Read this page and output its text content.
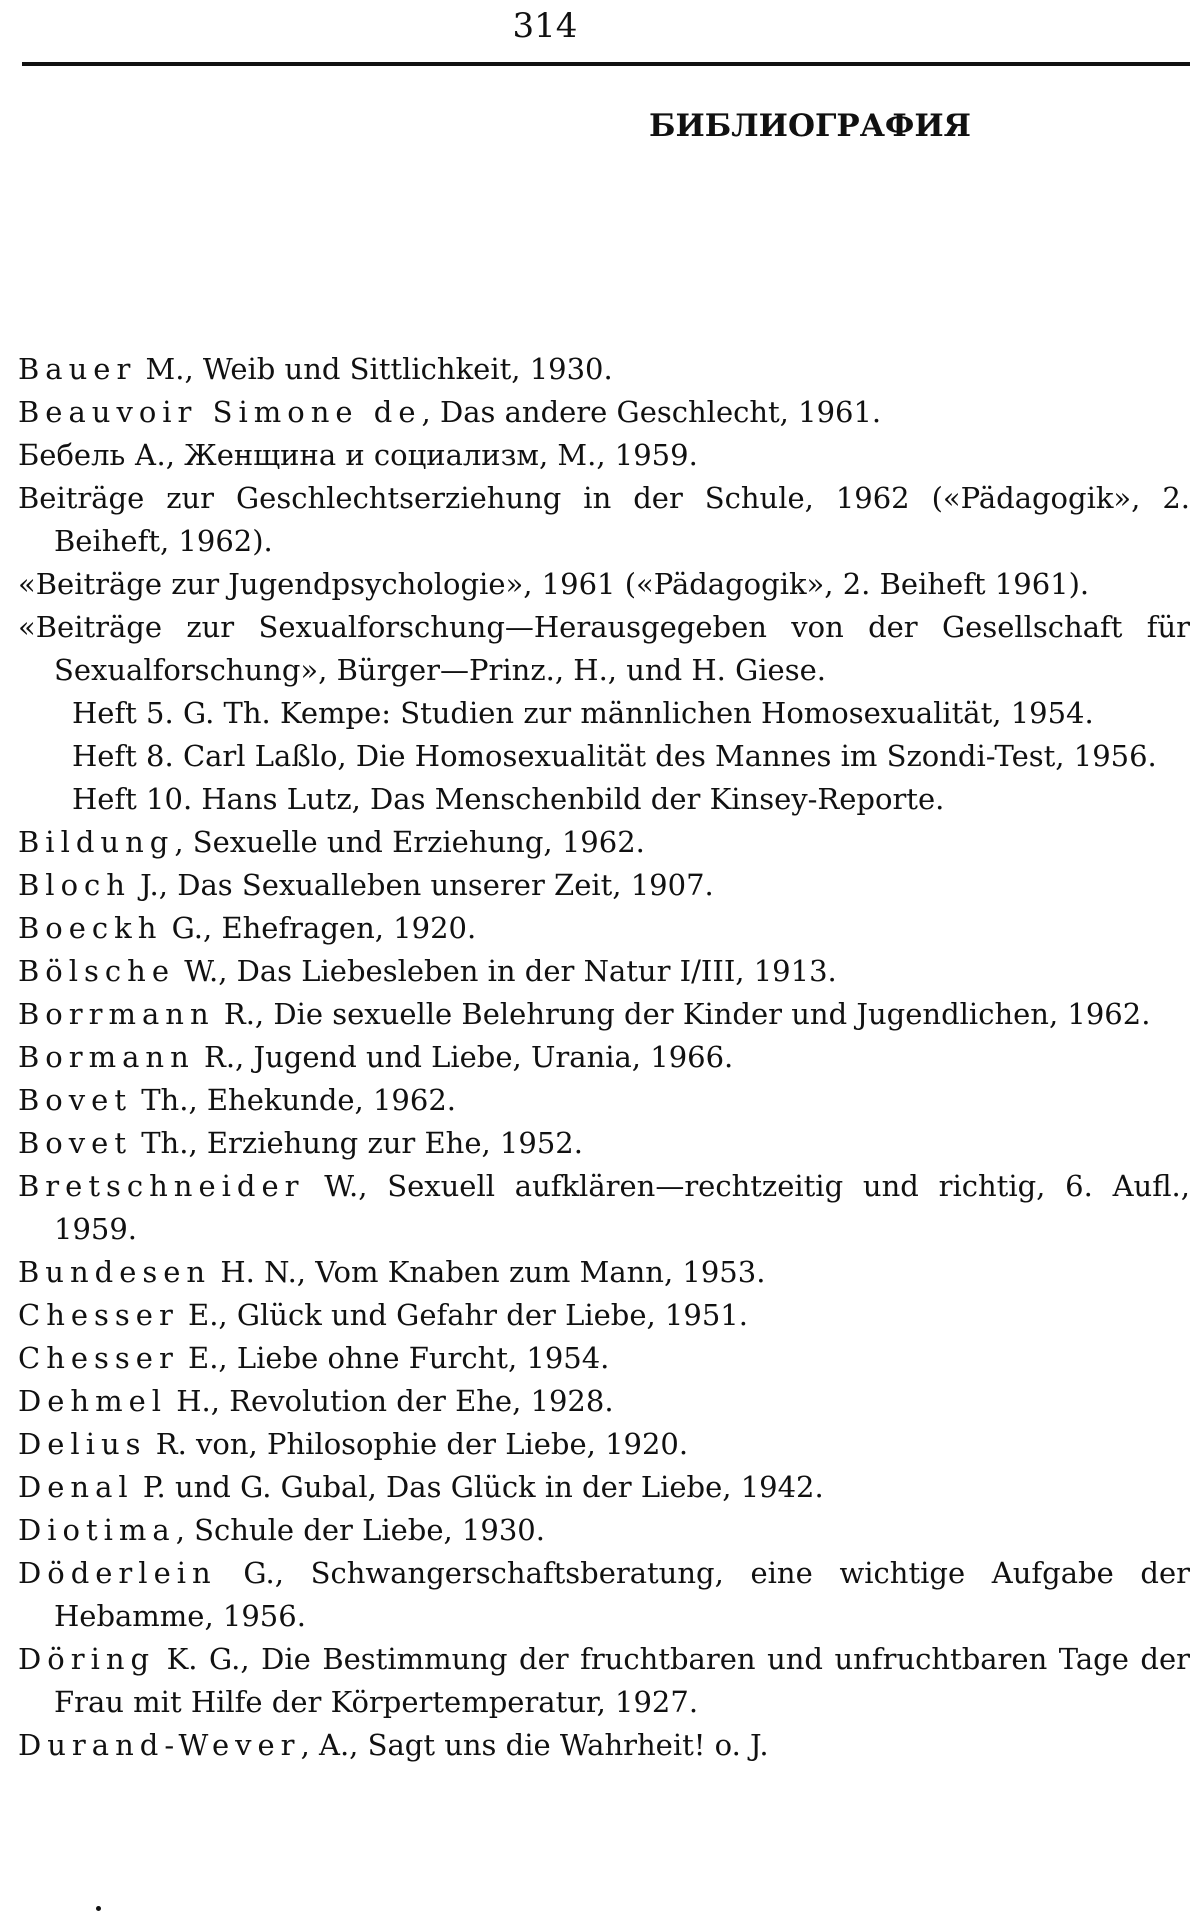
314
БИБЛИОГРАФИЯ

Bauer M., Weib und Sittlichkeit, 1930.

Beauvoir Simone de, Das andere Geschlecht, 1961.

Бебель А., Женщина и социализм, М., 1959.

Beiträge zur Geschlechtserziehung in der Schule, 1962 («Pädagogik», 2. Beiheft, 1962).

«Beiträge zur Jugendpsychologie», 1961 («Pädagogik», 2. Beiheft 1961).

«Beiträge zur Sexualforschung—Herausgegeben von der Gesellschaft für Sexualforschung», Bürger—Prinz., H., und H. Giese.

Heft 5. G. Th. Kempe: Studien zur männlichen Homosexualität, 1954.

Heft 8. Carl Laßlo, Die Homosexualität des Mannes im Szondi-Test, 1956.

Heft 10. Hans Lutz, Das Menschenbild der Kinsey-Reporte.

Bildung, Sexuelle und Erziehung, 1962.

Bloch J., Das Sexualleben unserer Zeit, 1907.

Boeckh G., Ehefragen, 1920.

Bölsche W., Das Liebesleben in der Natur I/III, 1913.

Borrmann R., Die sexuelle Belehrung der Kinder und Jugendlichen, 1962.

Bormann R., Jugend und Liebe, Urania, 1966.

Bovet Th., Ehekunde, 1962.

Bovet Th., Erziehung zur Ehe, 1952.

Bretschneider W., Sexuell aufklären—rechtzeitig und richtig, 6. Aufl., 1959.

Bundesen H. N., Vom Knaben zum Mann, 1953.

Chesser E., Glück und Gefahr der Liebe, 1951.

Chesser E., Liebe ohne Furcht, 1954.

Dehmel H., Revolution der Ehe, 1928.

Delius R. von, Philosophie der Liebe, 1920.

Denal P. und G. Gubal, Das Glück in der Liebe, 1942.

Diotima, Schule der Liebe, 1930.

Döderlein G., Schwangerschaftsberatung, eine wichtige Aufgabe der Hebamme, 1956.

Döring K. G., Die Bestimmung der fruchtbaren und unfruchtbaren Tage der Frau mit Hilfe der Körpertemperatur, 1927.

Durand-Wever, A., Sagt uns die Wahrheit! o. J.
